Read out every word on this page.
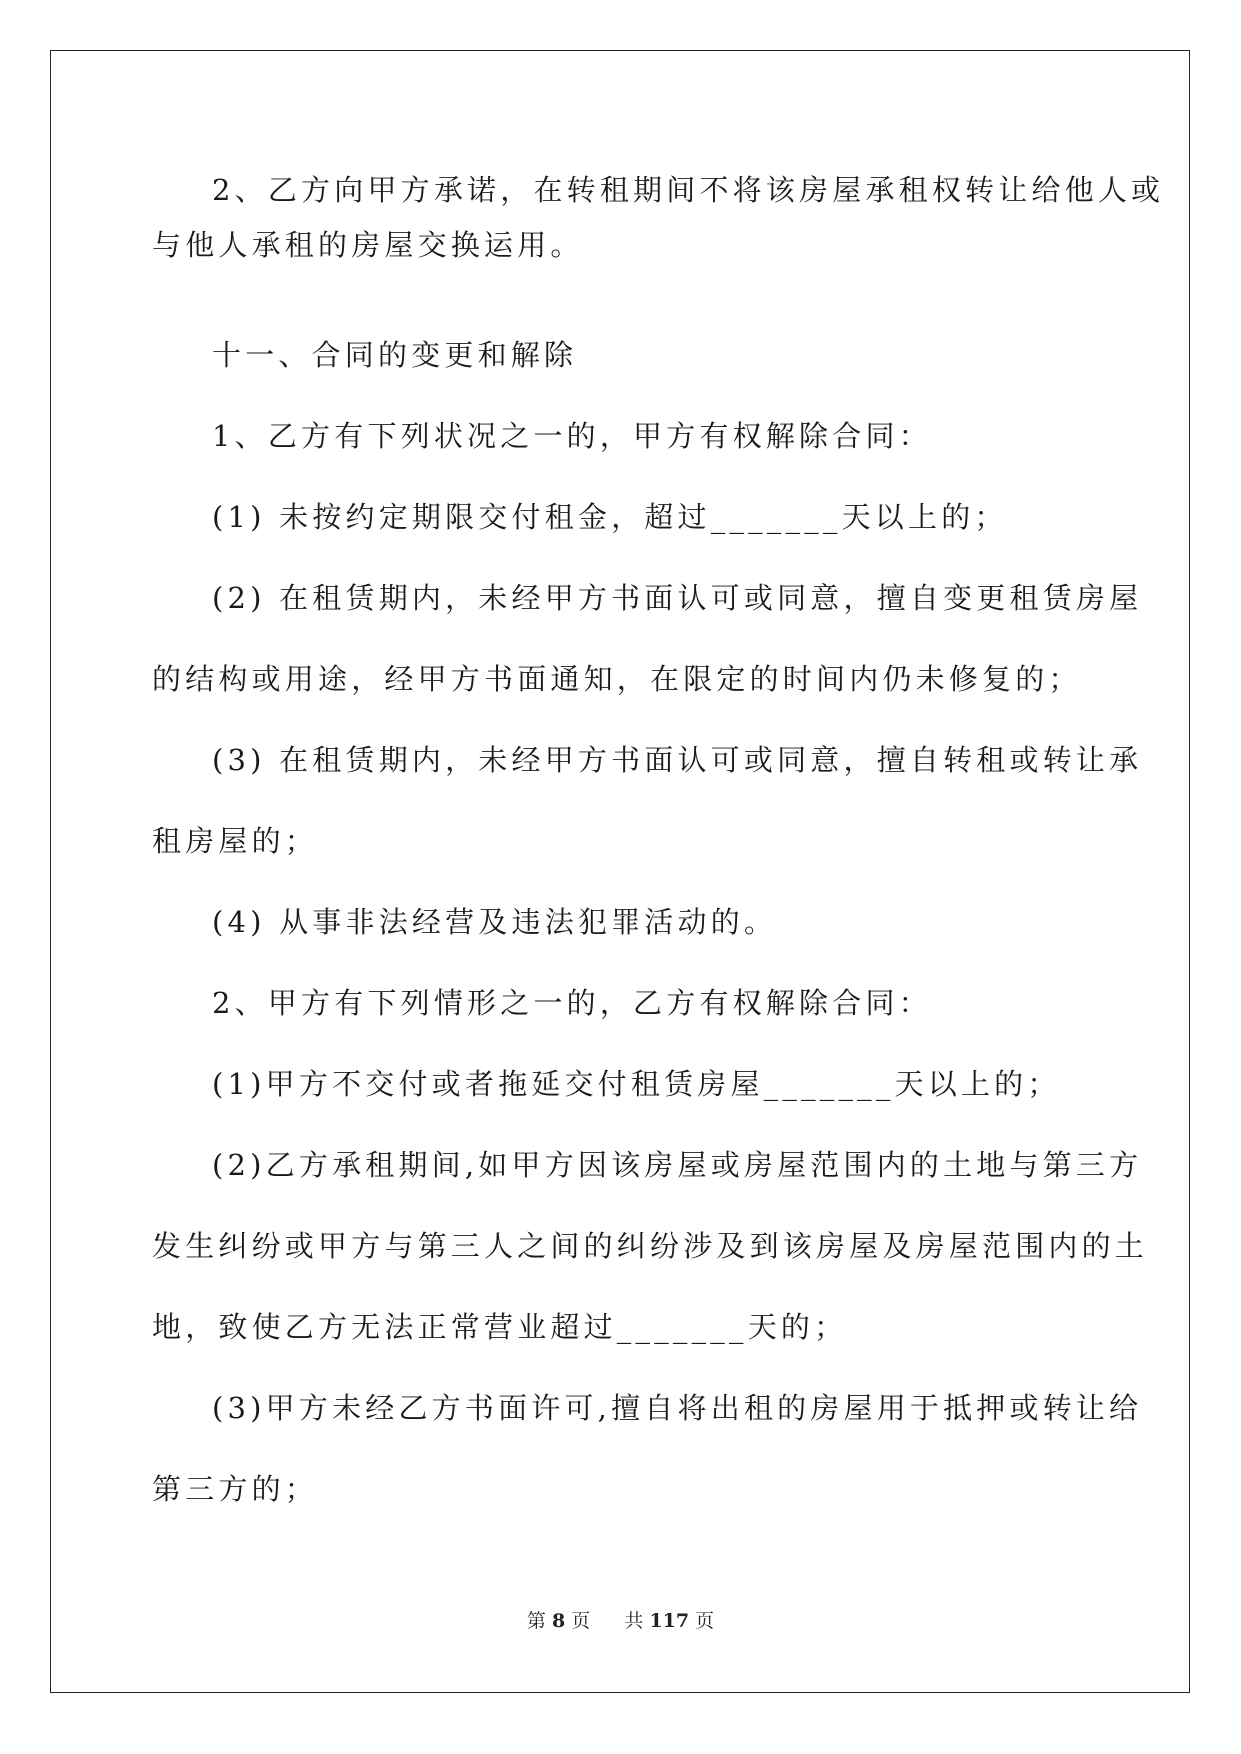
2、乙方向甲方承诺，在转租期间不将该房屋承租权转让给他人或
与他人承租的房屋交换运用。
十一、合同的变更和解除
1、乙方有下列状况之一的，甲方有权解除合同：
(1) 未按约定期限交付租金，超过_______天以上的；
(2) 在租赁期内，未经甲方书面认可或同意，擅自变更租赁房屋
的结构或用途，经甲方书面通知，在限定的时间内仍未修复的；
(3) 在租赁期内，未经甲方书面认可或同意，擅自转租或转让承
租房屋的；
(4) 从事非法经营及违法犯罪活动的。
2、甲方有下列情形之一的，乙方有权解除合同：
(1)甲方不交付或者拖延交付租赁房屋_______天以上的；
(2)乙方承租期间,如甲方因该房屋或房屋范围内的土地与第三方
发生纠纷或甲方与第三人之间的纠纷涉及到该房屋及房屋范围内的土
地，致使乙方无法正常营业超过_______天的；
(3)甲方未经乙方书面许可,擅自将出租的房屋用于抵押或转让给
第三方的；
第 8 页 共 117 页
